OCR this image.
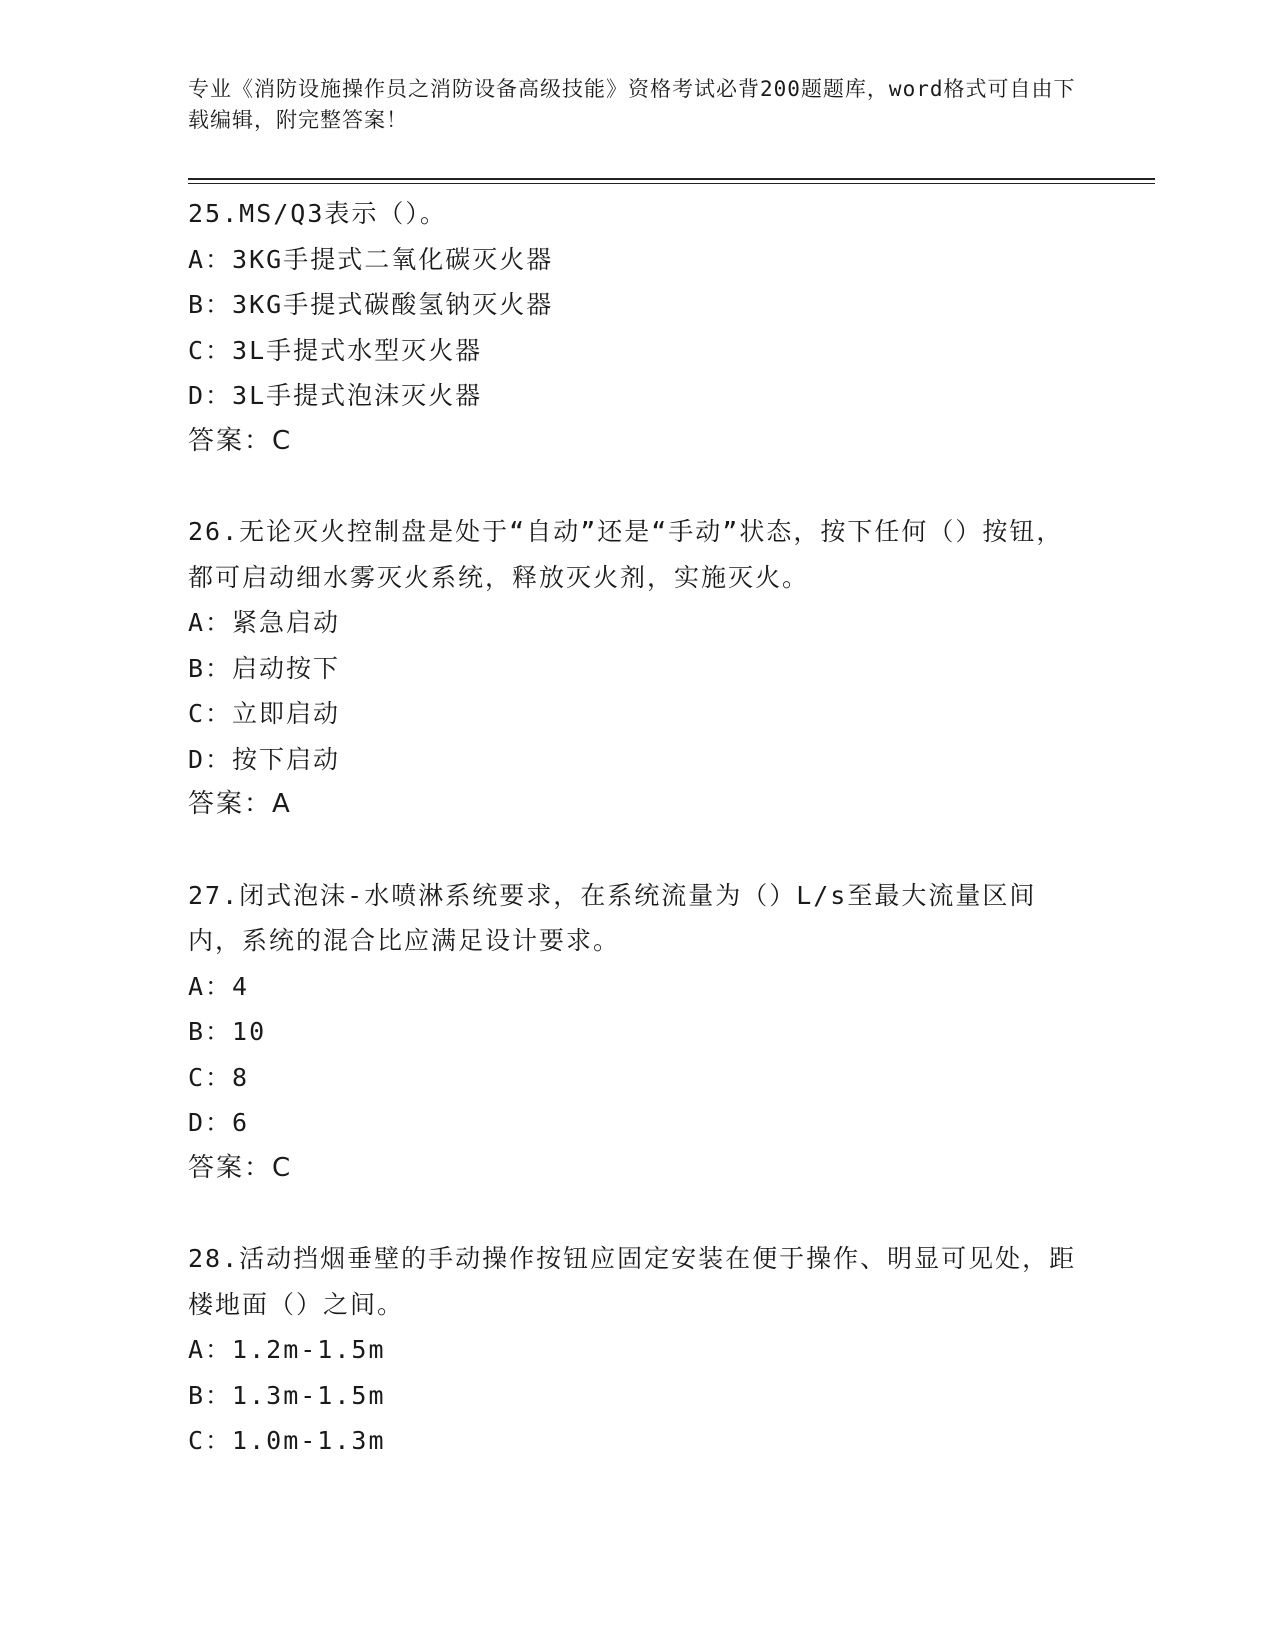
专业《消防设施操作员之消防设备高级技能》资格考试必背200题题库，word格式可自由下载编辑，附完整答案！

25.MS/Q3表示（）。

A：3KG手提式二氧化碳灭火器

B：3KG手提式碳酸氢钠灭火器

C：3L手提式水型灭火器

D：3L手提式泡沫灭火器

答案：C

26.无论灭火控制盘是处于“自动”还是“手动”状态，按下任何（）按钮，都可启动细水雾灭火系统，释放灭火剂，实施灭火。

A：紧急启动

B：启动按下

C：立即启动

D：按下启动

答案：A

27.闭式泡沫-水喷淋系统要求，在系统流量为（）L/s至最大流量区间内，系统的混合比应满足设计要求。

A：4

B：10

C：8

D：6

答案：C

28.活动挡烟垂壁的手动操作按钮应固定安装在便于操作、明显可见处，距楼地面（）之间。

A：1.2m-1.5m

B：1.3m-1.5m

C：1.0m-1.3m
